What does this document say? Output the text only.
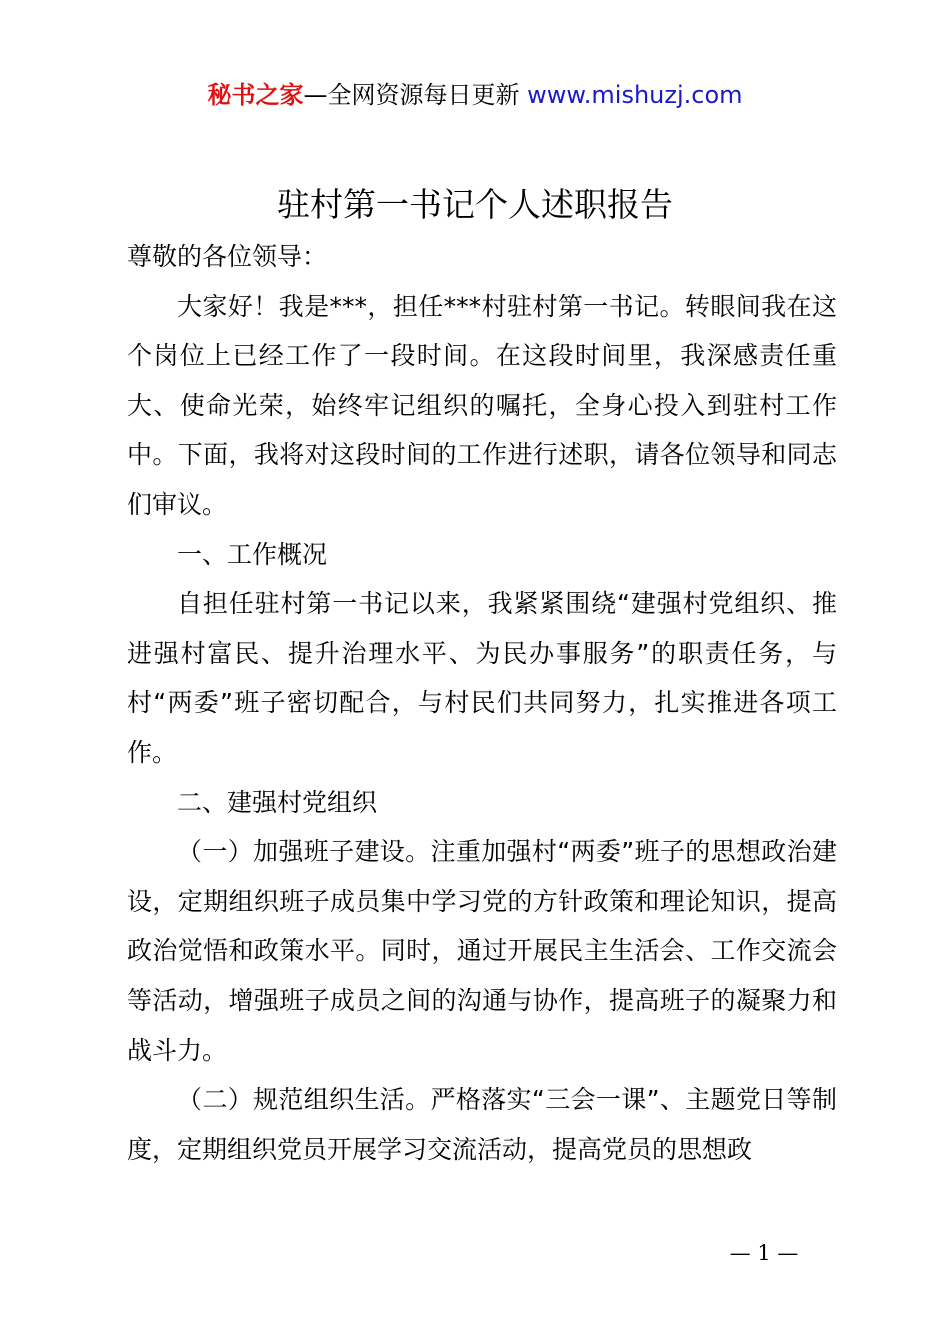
秘书之家—全网资源每日更新 www.mishuzj.com
驻村第一书记个人述职报告

尊敬的各位领导：

大家好！我是***，担任***村驻村第一书记。转眼间我在这个岗位上已经工作了一段时间。在这段时间里，我深感责任重大、使命光荣，始终牢记组织的嘱托，全身心投入到驻村工作中。下面，我将对这段时间的工作进行述职，请各位领导和同志们审议。

一、工作概况

自担任驻村第一书记以来，我紧紧围绕“建强村党组织、推进强村富民、提升治理水平、为民办事服务”的职责任务，与村“两委”班子密切配合，与村民们共同努力，扎实推进各项工作。

二、建强村党组织

（一）加强班子建设。注重加强村“两委”班子的思想政治建设，定期组织班子成员集中学习党的方针政策和理论知识，提高政治觉悟和政策水平。同时，通过开展民主生活会、工作交流会等活动，增强班子成员之间的沟通与协作，提高班子的凝聚力和战斗力。

（二）规范组织生活。严格落实“三会一课”、主题党日等制度，定期组织党员开展学习交流活动，提高党员的思想政

— 1 —
